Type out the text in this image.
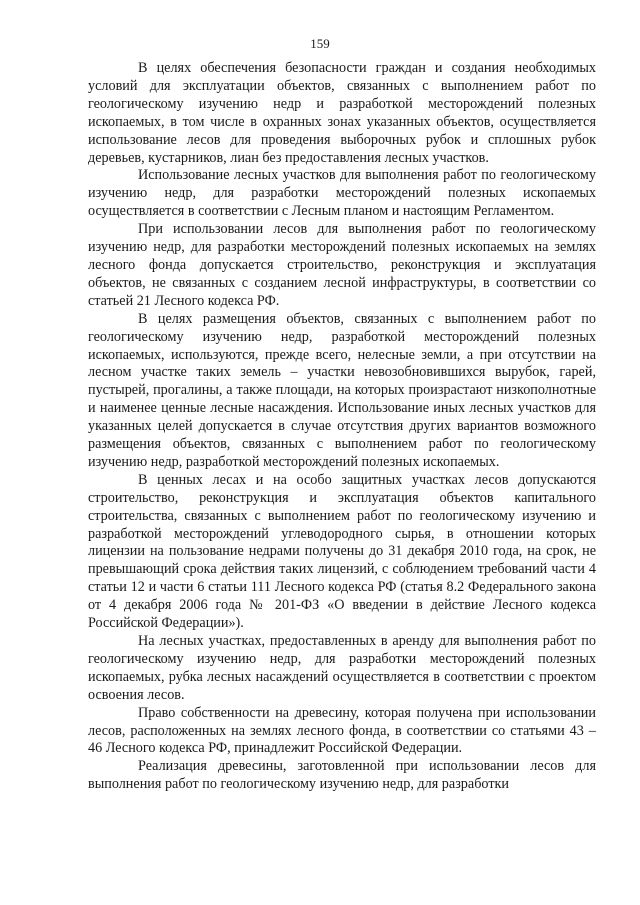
159

В целях обеспечения безопасности граждан и создания необходимых условий для эксплуатации объектов, связанных с выполнением работ по геологическому изучению недр и разработкой месторождений полезных ископаемых, в том числе в охранных зонах указанных объектов, осуществляется использование лесов для проведения выборочных рубок и сплошных рубок деревьев, кустарников, лиан без предоставления лесных участков.

Использование лесных участков для выполнения работ по геологическому изучению недр, для разработки месторождений полезных ископаемых осуществляется в соответствии с Лесным планом и настоящим Регламентом.

При использовании лесов для выполнения работ по геологическому изучению недр, для разработки месторождений полезных ископаемых на землях лесного фонда допускается строительство, реконструкция и эксплуатация объектов, не связанных с созданием лесной инфраструктуры, в соответствии со статьей 21 Лесного кодекса РФ.

В целях размещения объектов, связанных с выполнением работ по геологическому изучению недр, разработкой месторождений полезных ископаемых, используются, прежде всего, нелесные земли, а при отсутствии на лесном участке таких земель – участки невозобновившихся вырубок, гарей, пустырей, прогалины, а также площади, на которых произрастают низкополнотные и наименее ценные лесные насаждения. Использование иных лесных участков для указанных целей допускается в случае отсутствия других вариантов возможного размещения объектов, связанных с выполнением работ по геологическому изучению недр, разработкой месторождений полезных ископаемых.

В ценных лесах и на особо защитных участках лесов допускаются строительство, реконструкция и эксплуатация объектов капитального строительства, связанных с выполнением работ по геологическому изучению и разработкой месторождений углеводородного сырья, в отношении которых лицензии на пользование недрами получены до 31 декабря 2010 года, на срок, не превышающий срока действия таких лицензий, с соблюдением требований части 4 статьи 12 и части 6 статьи 111 Лесного кодекса РФ (статья 8.2 Федерального закона от 4 декабря 2006 года № 201-ФЗ «О введении в действие Лесного кодекса Российской Федерации»).

На лесных участках, предоставленных в аренду для выполнения работ по геологическому изучению недр, для разработки месторождений полезных ископаемых, рубка лесных насаждений осуществляется в соответствии с проектом освоения лесов.

Право собственности на древесину, которая получена при использовании лесов, расположенных на землях лесного фонда, в соответствии со статьями 43 – 46 Лесного кодекса РФ, принадлежит Российской Федерации.

Реализация древесины, заготовленной при использовании лесов для выполнения работ по геологическому изучению недр, для разработки
